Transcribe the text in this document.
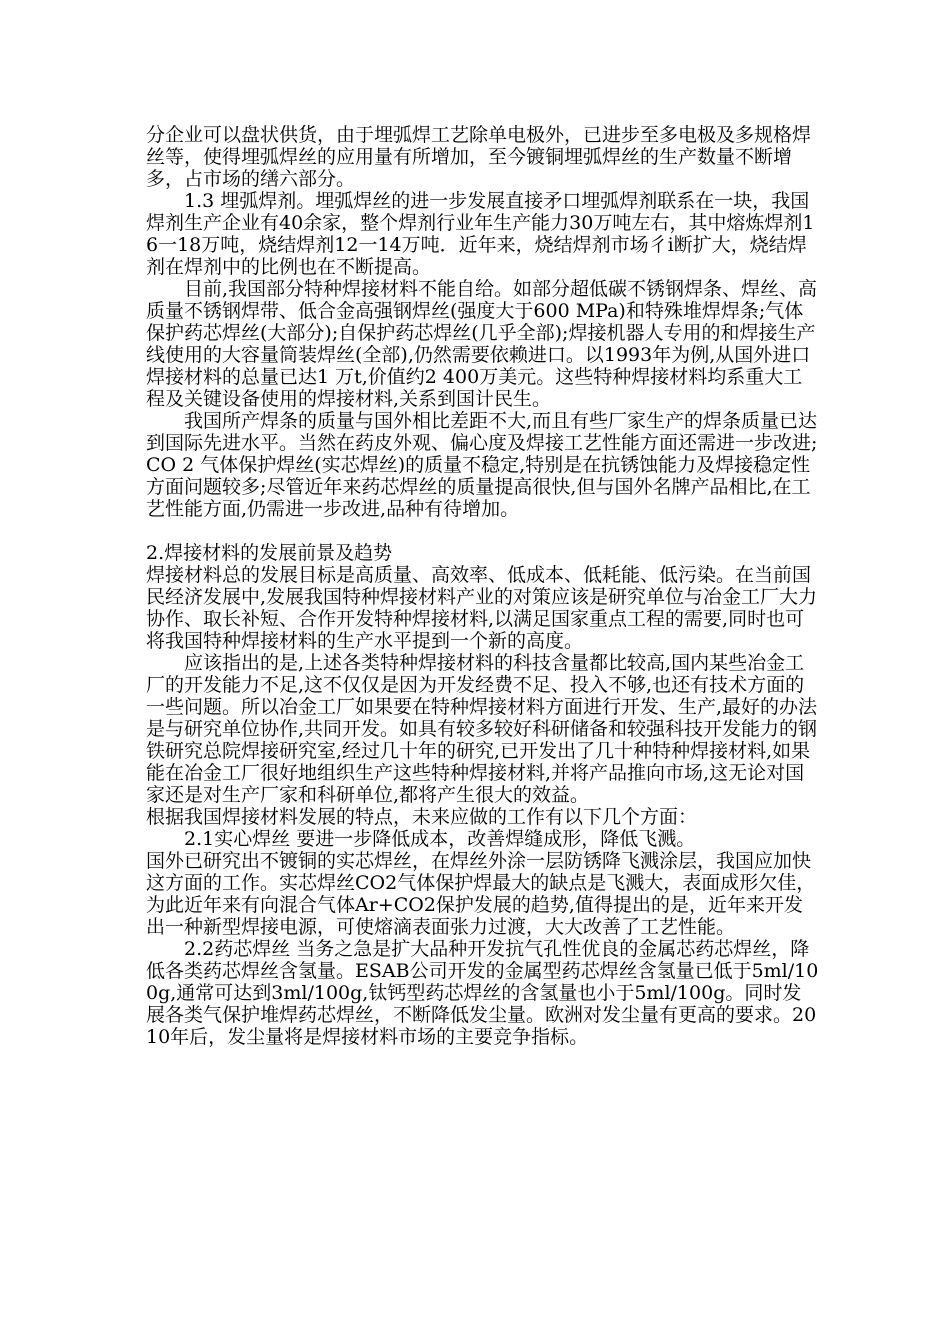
分企业可以盘状供货，由于埋弧焊工艺除单电极外，已进步至多电极及多规格焊丝等，使得埋弧焊丝的应用量有所增加，至今镀铜埋弧焊丝的生产数量不断增多，占市场的缮六部分。

1.3 埋弧焊剂。埋弧焊丝的进一步发展直接矛口埋弧焊剂联系在一块，我国焊剂生产企业有40余家，整个焊剂行业年生产能力30万吨左右，其中熔炼焊剂16一18万吨，烧结焊剂12一14万吨．近年来，烧结焊剂市场彳i断扩大，烧结焊剂在焊剂中的比例也在不断提高。

目前,我国部分特种焊接材料不能自给。如部分超低碳不锈钢焊条、焊丝、高质量不锈钢焊带、低合金高强钢焊丝(强度大于600 MPa)和特殊堆焊焊条;气体保护药芯焊丝(大部分);自保护药芯焊丝(几乎全部);焊接机器人专用的和焊接生产线使用的大容量筒装焊丝(全部),仍然需要依赖进口。以1993年为例,从国外进口焊接材料的总量已达1 万t,价值约2 400万美元。这些特种焊接材料均系重大工程及关键设备使用的焊接材料,关系到国计民生。

我国所产焊条的质量与国外相比差距不大,而且有些厂家生产的焊条质量已达到国际先进水平。当然在药皮外观、偏心度及焊接工艺性能方面还需进一步改进;CO 2 气体保护焊丝(实芯焊丝)的质量不稳定,特别是在抗锈蚀能力及焊接稳定性方面问题较多;尽管近年来药芯焊丝的质量提高很快,但与国外名牌产品相比,在工艺性能方面,仍需进一步改进,品种有待增加。

2.焊接材料的发展前景及趋势

焊接材料总的发展目标是高质量、高效率、低成本、低耗能、低污染。在当前国民经济发展中,发展我国特种焊接材料产业的对策应该是研究单位与冶金工厂大力协作、取长补短、合作开发特种焊接材料,以满足国家重点工程的需要,同时也可将我国特种焊接材料的生产水平提到一个新的高度。

应该指出的是,上述各类特种焊接材料的科技含量都比较高,国内某些冶金工厂的开发能力不足,这不仅仅是因为开发经费不足、投入不够,也还有技术方面的一些问题。所以冶金工厂如果要在特种焊接材料方面进行开发、生产,最好的办法是与研究单位协作,共同开发。如具有较多较好科研储备和较强科技开发能力的钢铁研究总院焊接研究室,经过几十年的研究,已开发出了几十种特种焊接材料,如果能在冶金工厂很好地组织生产这些特种焊接材料,并将产品推向市场,这无论对国家还是对生产厂家和科研单位,都将产生很大的效益。

根据我国焊接材料发展的特点，未来应做的工作有以下几个方面：

2.1实心焊丝 要进一步降低成本，改善焊缝成形，降低飞溅。

国外已研究出不镀铜的实芯焊丝，在焊丝外涂一层防锈降飞溅涂层，我国应加快这方面的工作。实芯焊丝CO2气体保护焊最大的缺点是飞溅大，表面成形欠佳，为此近年来有向混合气体Ar+CO2保护发展的趋势,值得提出的是，近年来开发出一种新型焊接电源，可使熔滴表面张力过渡，大大改善了工艺性能。

2.2药芯焊丝 当务之急是扩大品种开发抗气孔性优良的金属芯药芯焊丝，降低各类药芯焊丝含氢量。ESAB公司开发的金属型药芯焊丝含氢量已低于5ml/100g,通常可达到3ml/100g,钛钙型药芯焊丝的含氢量也小于5ml/100g。同时发展各类气保护堆焊药芯焊丝，不断降低发尘量。欧洲对发尘量有更高的要求。2010年后，发尘量将是焊接材料市场的主要竞争指标。
